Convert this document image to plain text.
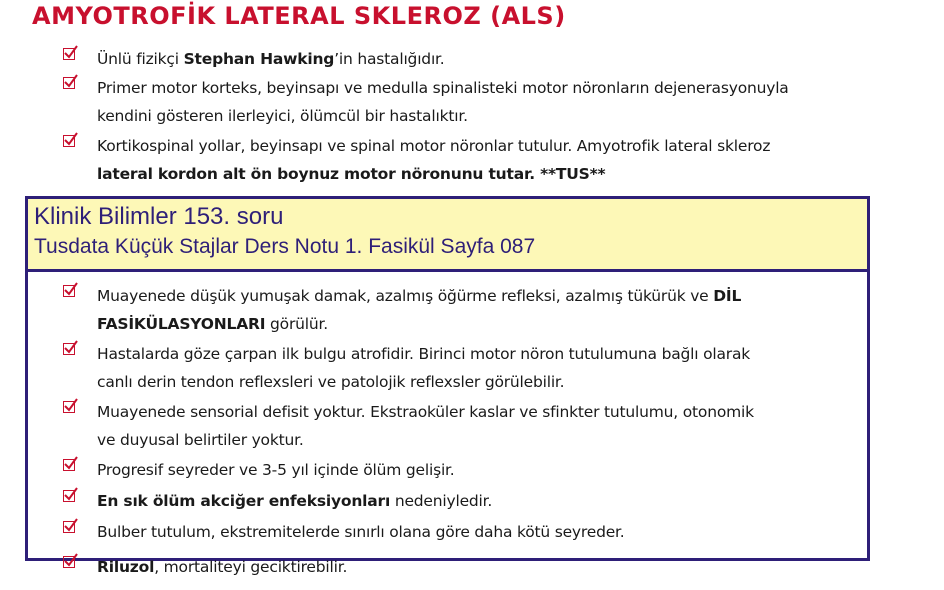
AMYOTROFİK LATERAL SKLEROZ (ALS)
Ünlü fizikçi Stephan Hawking’in hastalığıdır.
Primer motor korteks, beyinsapı ve medulla spinalisteki motor nöronların dejenerasyonuyla
kendini gösteren ilerleyici, ölümcül bir hastalıktır.
Kortikospinal yollar, beyinsapı ve spinal motor nöronlar tutulur. Amyotrofik lateral skleroz
lateral kordon alt ön boynuz motor nöronunu tutar. **TUS**
Klinik Bilimler 153. soru
Tusdata Küçük Stajlar Ders Notu 1. Fasikül Sayfa 087
Muayenede düşük yumuşak damak, azalmış öğürme refleksi, azalmış tükürük ve DİL
FASİKÜLASYONLARI görülür.
Hastalarda göze çarpan ilk bulgu atrofidir. Birinci motor nöron tutulumuna bağlı olarak
canlı derin tendon reflexsleri ve patolojik reflexsler görülebilir.
Muayenede sensorial defisit yoktur. Ekstraoküler kaslar ve sfinkter tutulumu, otonomik
ve duyusal belirtiler yoktur.
Progresif seyreder ve 3-5 yıl içinde ölüm gelişir.
En sık ölüm akciğer enfeksiyonları nedeniyledir.
Bulber tutulum, ekstremitelerde sınırlı olana göre daha kötü seyreder.
Riluzol, mortaliteyi geciktirebilir.
